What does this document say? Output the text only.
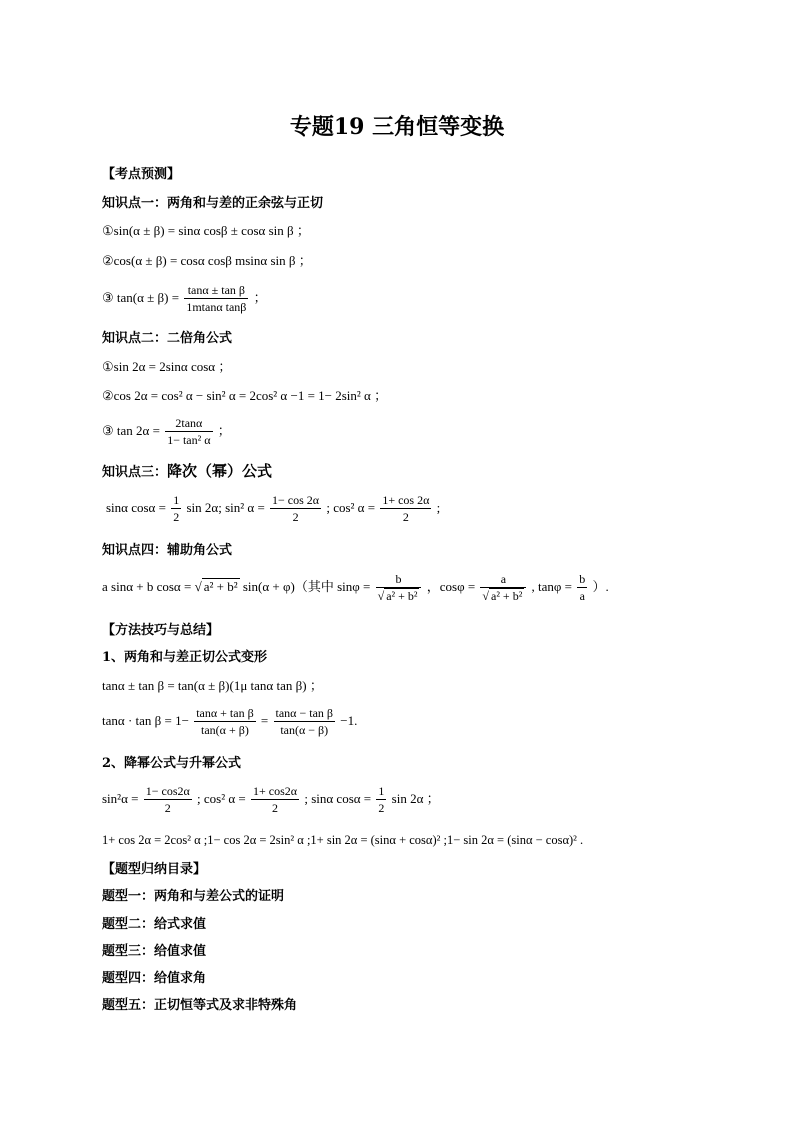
专题19 三角恒等变换
【考点预测】
知识点一：两角和与差的正余弦与正切
①sin(α ± β) = sinα cosβ ± cosα sin β ；
②cos(α ± β) = cosα cosβ msinα sin β ；
③ $\tan(\alpha \pm \beta) = \frac{\text{tanα ± tan β}}{\text{1mtanα tanβ}}$ ；
知识点二：二倍角公式
①sin 2α = 2sinα cosα ；
②cos 2α = cos² α − sin² α = 2cos² α −1 = 1− 2sin² α ；
③ $\tan 2\alpha = \frac{2\tan\alpha}{\text{1− tan² α}}$ ；
知识点三：降次（幂）公式
sinα $\cos\alpha = \frac{1}{2}$ sin 2α; sin² $\alpha = \frac{1- \cos 2\alpha}{2}$ ; cos² $\alpha = \frac{1+ \cos 2\alpha}{2}$ ;
知识点四：辅助角公式
a sinα + b cosα = √ a² + b² sin(α + φ)（其中 $\sin\varphi = \frac{b}{\text{√ a² + b²}}$ ，$\cos\varphi = \frac{a}{\text{√ a² + b²}}$ , $\tan\varphi = \frac{b}{a}$ ）.
【方法技巧与总结】
1、两角和与差正切公式变形
tanα ± tan β = tan(α ± β)(1μ tanα tan β) ；
$\tan\alpha \cdot \tan \beta = 1- \frac{\text{tanα + tan β}}{\tan(\alpha + \beta)} = \frac{\text{tanα − tan β}}{\tan(\alpha - \beta)} -1$.
2、降幂公式与升幂公式
$\sin^2\alpha = \frac{1- \cos 2\alpha}{2}$ ; cos² $\alpha = \frac{1+ \cos 2\alpha}{2}$ ; sinα $\cos\alpha = \frac{1}{2}$ sin 2α ；
1+ cos 2α = 2cos² α ;1− cos 2α = 2sin² α ;1+ sin 2α = (sinα + cosα)² ;1− sin 2α = (sinα − cosα)² .
【题型归纳目录】
题型一：两角和与差公式的证明
题型二：给式求值
题型三：给值求值
题型四：给值求角
题型五：正切恒等式及求非特殊角
